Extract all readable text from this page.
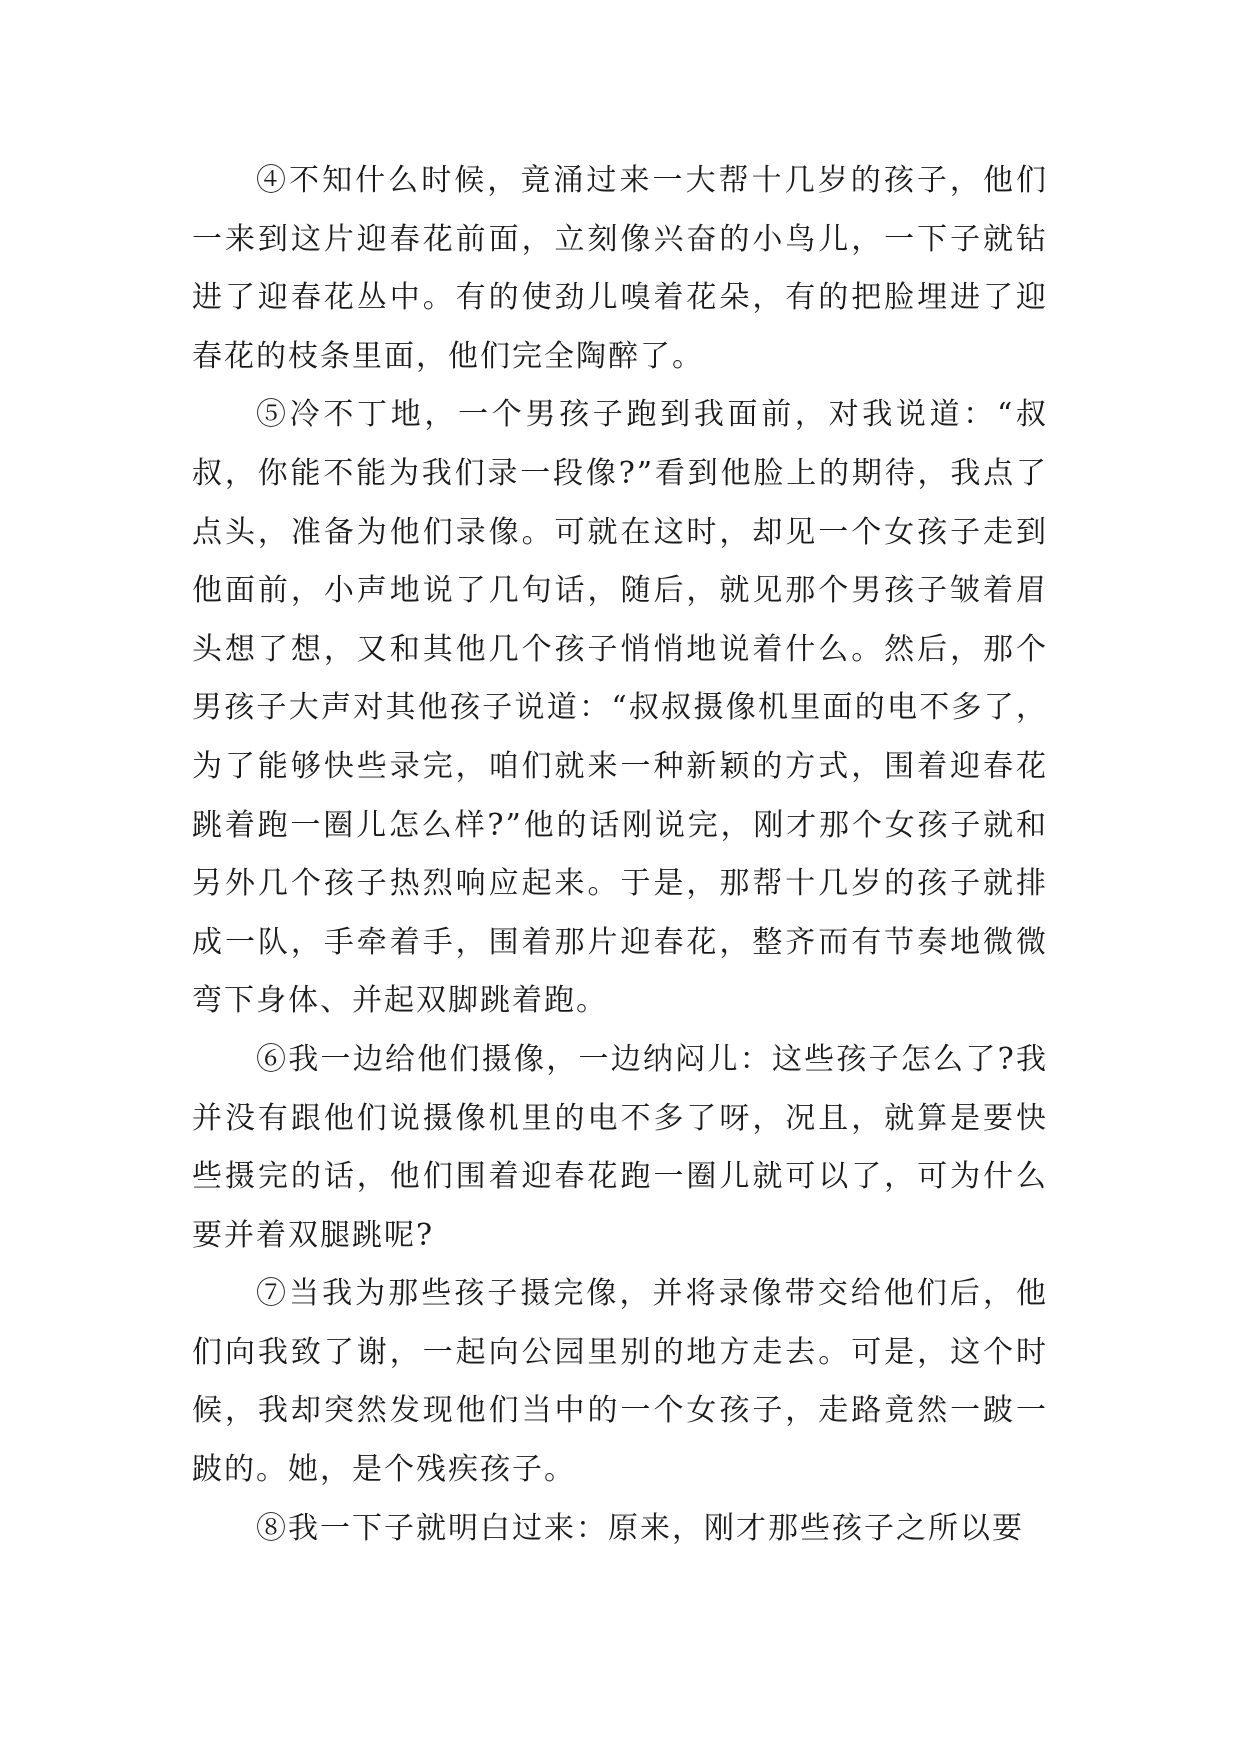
④不知什么时候，竟涌过来一大帮十几岁的孩子，他们一来到这片迎春花前面，立刻像兴奋的小鸟儿，一下子就钻进了迎春花丛中。有的使劲儿嗅着花朵，有的把脸埋进了迎春花的枝条里面，他们完全陶醉了。

⑤冷不丁地，一个男孩子跑到我面前，对我说道：“叔叔，你能不能为我们录一段像?”看到他脸上的期待，我点了点头，准备为他们录像。可就在这时，却见一个女孩子走到他面前，小声地说了几句话，随后，就见那个男孩子皱着眉头想了想，又和其他几个孩子悄悄地说着什么。然后，那个男孩子大声对其他孩子说道：“叔叔摄像机里面的电不多了，为了能够快些录完，咱们就来一种新颖的方式，围着迎春花跳着跑一圈儿怎么样?”他的话刚说完，刚才那个女孩子就和另外几个孩子热烈响应起来。于是，那帮十几岁的孩子就排成一队，手牵着手，围着那片迎春花，整齐而有节奏地微微弯下身体、并起双脚跳着跑。

⑥我一边给他们摄像，一边纳闷儿：这些孩子怎么了?我并没有跟他们说摄像机里的电不多了呀，况且，就算是要快些摄完的话，他们围着迎春花跑一圈儿就可以了，可为什么要并着双腿跳呢?

⑦当我为那些孩子摄完像，并将录像带交给他们后，他们向我致了谢，一起向公园里别的地方走去。可是，这个时候，我却突然发现他们当中的一个女孩子，走路竟然一跛一跛的。她，是个残疾孩子。

⑧我一下子就明白过来：原来，刚才那些孩子之所以要
